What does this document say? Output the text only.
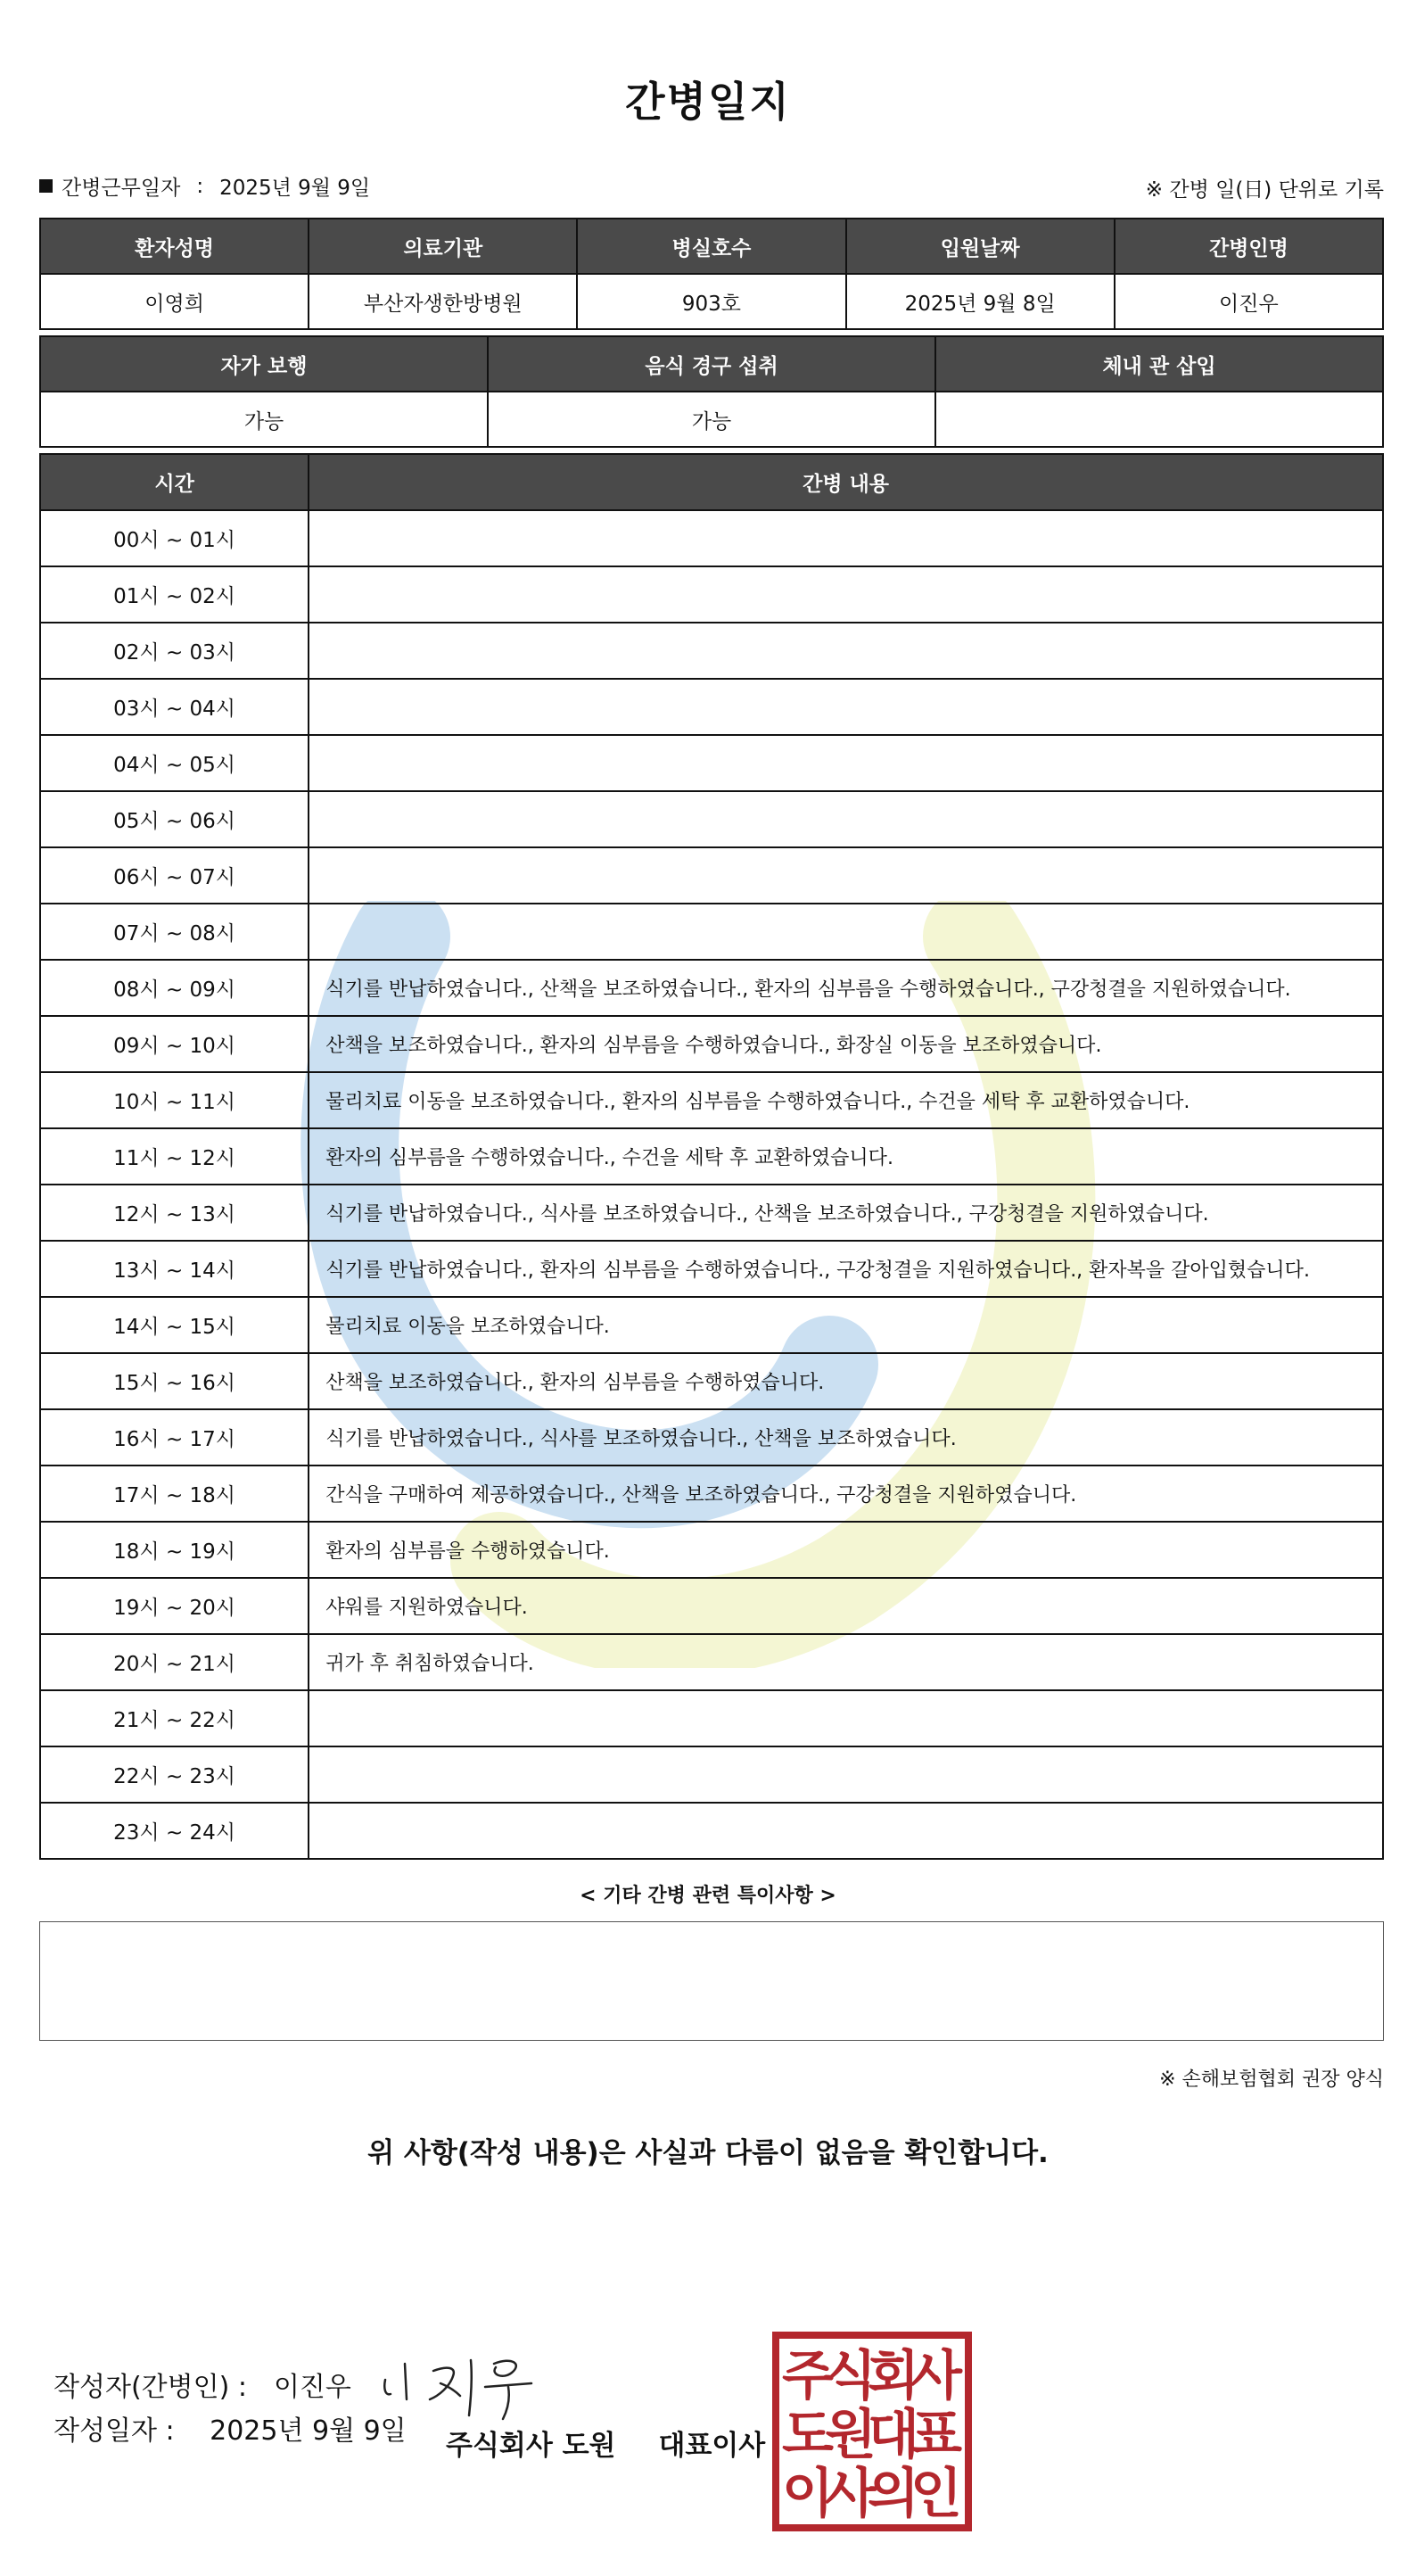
간병일지
간병근무일자 : 2025년 9월 9일	※ 간병 일(日) 단위로 기록
환자성명	의료기관	병실호수	입원날짜	간병인명
이영희	부산자생한방병원	903호	2025년 9월 8일	이진우
자가 보행	음식 경구 섭취	체내 관 삽입
가능	가능	
시간	간병 내용
00시 ~ 01시	
01시 ~ 02시	
02시 ~ 03시	
03시 ~ 04시	
04시 ~ 05시	
05시 ~ 06시	
06시 ~ 07시	
07시 ~ 08시	
08시 ~ 09시	식기를 반납하였습니다., 산책을 보조하였습니다., 환자의 심부름을 수행하였습니다., 구강청결을 지원하였습니다.
09시 ~ 10시	산책을 보조하였습니다., 환자의 심부름을 수행하였습니다., 화장실 이동을 보조하였습니다.
10시 ~ 11시	물리치료 이동을 보조하였습니다., 환자의 심부름을 수행하였습니다., 수건을 세탁 후 교환하였습니다.
11시 ~ 12시	환자의 심부름을 수행하였습니다., 수건을 세탁 후 교환하였습니다.
12시 ~ 13시	식기를 반납하였습니다., 식사를 보조하였습니다., 산책을 보조하였습니다., 구강청결을 지원하였습니다.
13시 ~ 14시	식기를 반납하였습니다., 환자의 심부름을 수행하였습니다., 구강청결을 지원하였습니다., 환자복을 갈아입혔습니다.
14시 ~ 15시	물리치료 이동을 보조하였습니다.
15시 ~ 16시	산책을 보조하였습니다., 환자의 심부름을 수행하였습니다.
16시 ~ 17시	식기를 반납하였습니다., 식사를 보조하였습니다., 산책을 보조하였습니다.
17시 ~ 18시	간식을 구매하여 제공하였습니다., 산책을 보조하였습니다., 구강청결을 지원하였습니다.
18시 ~ 19시	환자의 심부름을 수행하였습니다.
19시 ~ 20시	샤워를 지원하였습니다.
20시 ~ 21시	귀가 후 취침하였습니다.
21시 ~ 22시	
22시 ~ 23시	
23시 ~ 24시	
< 기타 간병 관련 특이사항 >
※ 손해보험협회 권장 양식
위 사항(작성 내용)은 사실과 다름이 없음을 확인합니다.
작성자(간병인) : 이진우
작성일자 : 2025년 9월 9일 주식회사 도원 대표이사
주
식
회
사
도
원
대
표
이
사
의
인
